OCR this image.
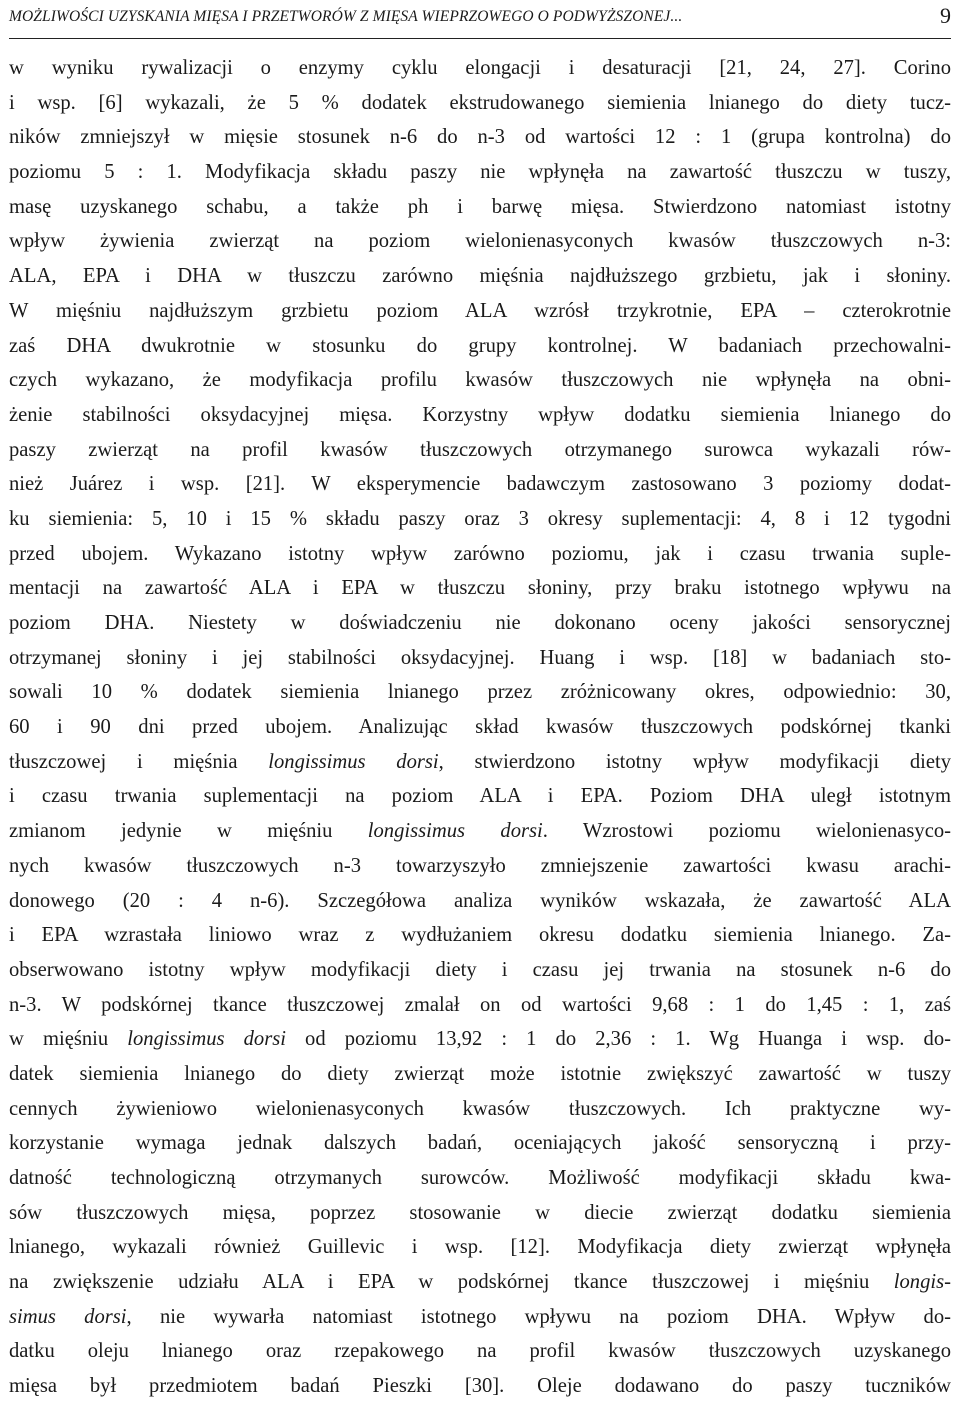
MOŻLIWOŚCI UZYSKANIA MIĘSA I PRZETWORÓW Z MIĘSA WIEPRZOWEGO O PODWYŻSZONEJ...	9
w wyniku rywalizacji o enzymy cyklu elongacji i desaturacji [21, 24, 27]. Corino
i wsp. [6] wykazali, że 5 % dodatek ekstrudowanego siemienia lnianego do diety tucz-
ników zmniejszył w mięsie stosunek n-6 do n-3 od wartości 12 : 1 (grupa kontrolna) do
poziomu 5 : 1. Modyfikacja składu paszy nie wpłynęła na zawartość tłuszczu w tuszy,
masę uzyskanego schabu, a także ph i barwę mięsa. Stwierdzono natomiast istotny
wpływ żywienia zwierząt na poziom wielonienasyconych kwasów tłuszczowych n-3:
ALA, EPA i DHA w tłuszczu zarówno mięśnia najdłuższego grzbietu, jak i słoniny.
W mięśniu najdłuższym grzbietu poziom ALA wzrósł trzykrotnie, EPA – czterokrotnie
zaś DHA dwukrotnie w stosunku do grupy kontrolnej. W badaniach przechowalni-
czych wykazano, że modyfikacja profilu kwasów tłuszczowych nie wpłynęła na obni-
żenie stabilności oksydacyjnej mięsa. Korzystny wpływ dodatku siemienia lnianego do
paszy zwierząt na profil kwasów tłuszczowych otrzymanego surowca wykazali rów-
nież Juárez i wsp. [21]. W eksperymencie badawczym zastosowano 3 poziomy dodat-
ku siemienia: 5, 10 i 15 % składu paszy oraz 3 okresy suplementacji: 4, 8 i 12 tygodni
przed ubojem. Wykazano istotny wpływ zarówno poziomu, jak i czasu trwania suple-
mentacji na zawartość ALA i EPA w tłuszczu słoniny, przy braku istotnego wpływu na
poziom DHA. Niestety w doświadczeniu nie dokonano oceny jakości sensorycznej
otrzymanej słoniny i jej stabilności oksydacyjnej. Huang i wsp. [18] w badaniach sto-
sowali 10 % dodatek siemienia lnianego przez zróżnicowany okres, odpowiednio: 30,
60 i 90 dni przed ubojem. Analizując skład kwasów tłuszczowych podskórnej tkanki
tłuszczowej i mięśnia longissimus dorsi, stwierdzono istotny wpływ modyfikacji diety
i czasu trwania suplementacji na poziom ALA i EPA. Poziom DHA uległ istotnym
zmianom jedynie w mięśniu longissimus dorsi. Wzrostowi poziomu wielonienasyco-
nych kwasów tłuszczowych n-3 towarzyszyło zmniejszenie zawartości kwasu arachi-
donowego (20 : 4 n-6). Szczegółowa analiza wyników wskazała, że zawartość ALA
i EPA wzrastała liniowo wraz z wydłużaniem okresu dodatku siemienia lnianego. Za-
obserwowano istotny wpływ modyfikacji diety i czasu jej trwania na stosunek n-6 do
n-3. W podskórnej tkance tłuszczowej zmalał on od wartości 9,68 : 1 do 1,45 : 1, zaś
w mięśniu longissimus dorsi od poziomu 13,92 : 1 do 2,36 : 1. Wg Huanga i wsp. do-
datek siemienia lnianego do diety zwierząt może istotnie zwiększyć zawartość w tuszy
cennych żywieniowo wielonienasyconych kwasów tłuszczowych. Ich praktyczne wy-
korzystanie wymaga jednak dalszych badań, oceniających jakość sensoryczną i przy-
datność technologiczną otrzymanych surowców. Możliwość modyfikacji składu kwa-
sów tłuszczowych mięsa, poprzez stosowanie w diecie zwierząt dodatku siemienia
lnianego, wykazali również Guillevic i wsp. [12]. Modyfikacja diety zwierząt wpłynęła
na zwiększenie udziału ALA i EPA w podskórnej tkance tłuszczowej i mięśniu longis-
simus dorsi, nie wywarła natomiast istotnego wpływu na poziom DHA. Wpływ do-
datku oleju lnianego oraz rzepakowego na profil kwasów tłuszczowych uzyskanego
mięsa był przedmiotem badań Pieszki [30]. Oleje dodawano do paszy tuczników
